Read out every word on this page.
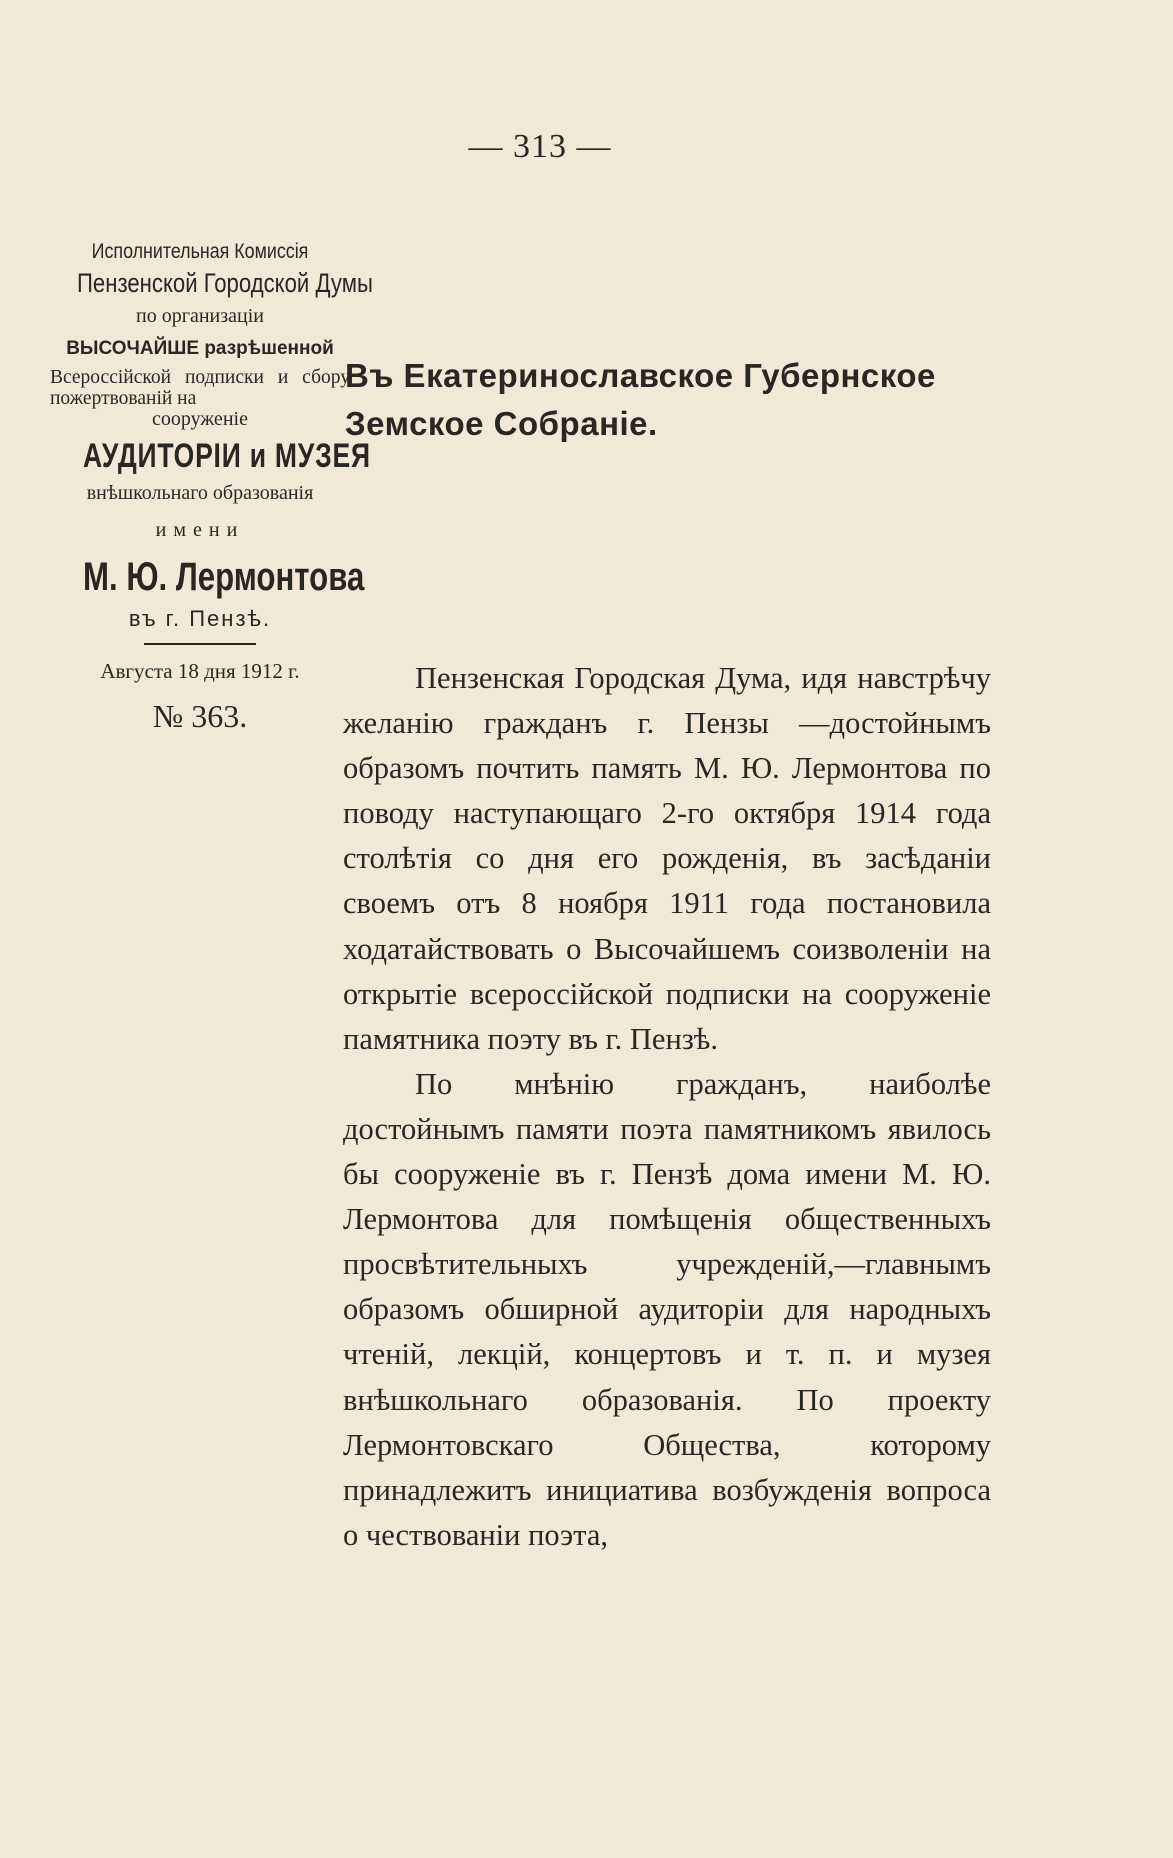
— 313 —
Исполнительная Комиссія
Пензенской Городской Думы
по организаціи
ВЫСОЧАЙШЕ разрѣшенной
Всероссійской подписки и сбору пожертвованій на
сооруженіе
АУДИТОРІИ и МУЗЕЯ
внѣшкольнаго образованія
имени
М. Ю. Лермонтова
въ г. Пензѣ.
Августа 18 дня 1912 г.
№ 363.
Въ Екатеринославское Губернское Земское Собраніе.

Пензенская Городская Дума, идя навстрѣчу желанію гражданъ г. Пензы —достойнымъ образомъ почтить память М. Ю. Лермонтова по поводу наступающаго 2-го октября 1914 года столѣтія со дня его рожденія, въ засѣданіи своемъ отъ 8 ноября 1911 года постановила ходатайствовать о Высочайшемъ соизволеніи на открытіе всероссійской подписки на сооруженіе памятника поэту въ г. Пензѣ.

По мнѣнію гражданъ, наиболѣе достойнымъ памяти поэта памятникомъ явилось бы сооруженіе въ г. Пензѣ дома имени М. Ю. Лермонтова для помѣщенія общественныхъ просвѣтительныхъ учрежденій,—главнымъ образомъ обширной аудиторіи для народныхъ чтеній, лекцій, концертовъ и т. п. и музея внѣшкольнаго образованія. По проекту Лермонтовскаго Общества, которому принадлежитъ инициатива возбужденія вопроса о чествованіи поэта,
